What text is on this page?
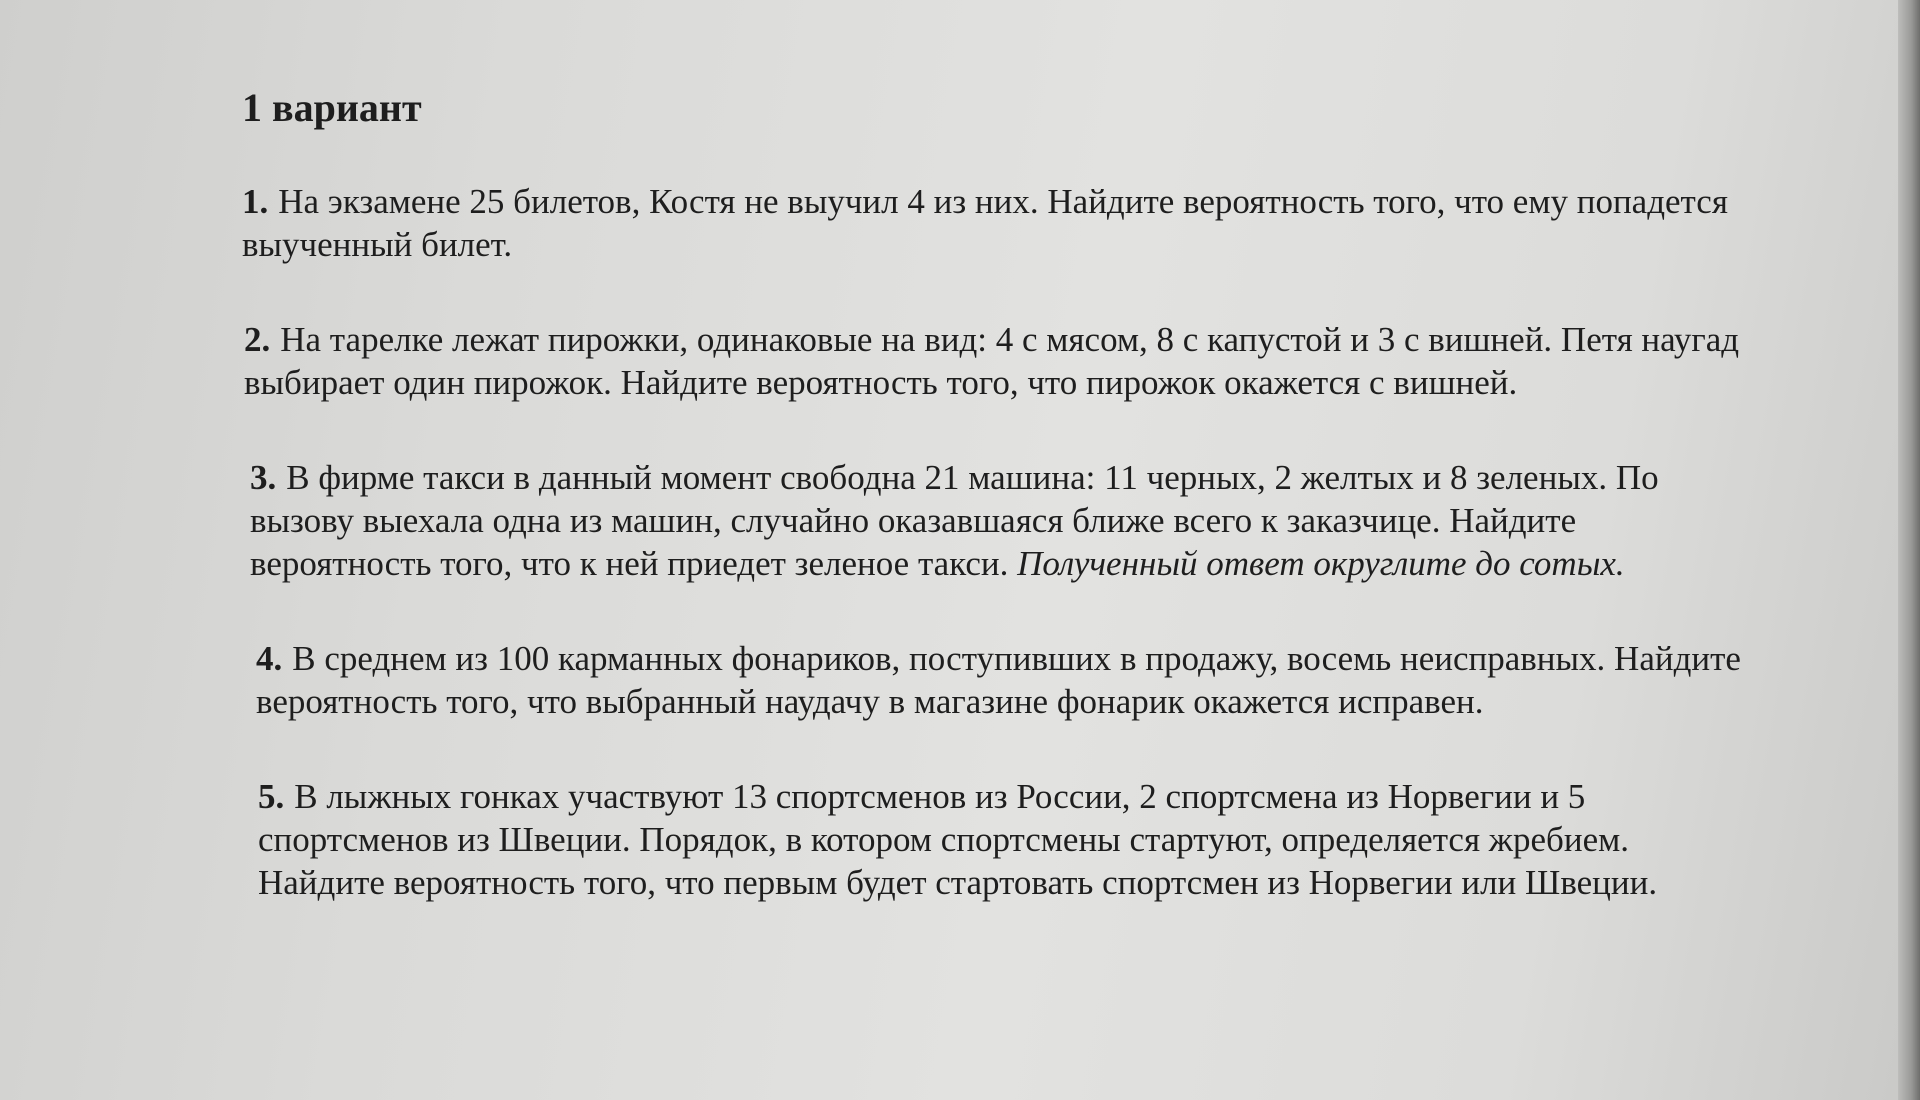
1 вариант
1. На экзамене 25 билетов, Костя не выучил 4 из них. Найдите вероятность того, что ему попадется выученный билет.
2. На тарелке лежат пирожки, одинаковые на вид: 4 с мясом, 8 с капустой и 3 с вишней. Петя наугад выбирает один пирожок. Найдите вероятность того, что пирожок окажется с вишней.
3. В фирме такси в данный момент свободна 21 машина: 11 черных, 2 желтых и 8 зеленых. По вызову выехала одна из машин, случайно оказавшаяся ближе всего к заказчице. Найдите вероятность того, что к ней приедет зеленое такси. Полученный ответ округлите до сотых.
4. В среднем из 100 карманных фонариков, поступивших в продажу, восемь неисправных. Найдите вероятность того, что выбранный наудачу в магазине фонарик окажется исправен.
5. В лыжных гонках участвуют 13 спортсменов из России, 2 спортсмена из Норвегии и 5 спортсменов из Швеции. Порядок, в котором спортсмены стартуют, определяется жребием. Найдите вероятность того, что первым будет стартовать спортсмен из Норвегии или Швеции.
